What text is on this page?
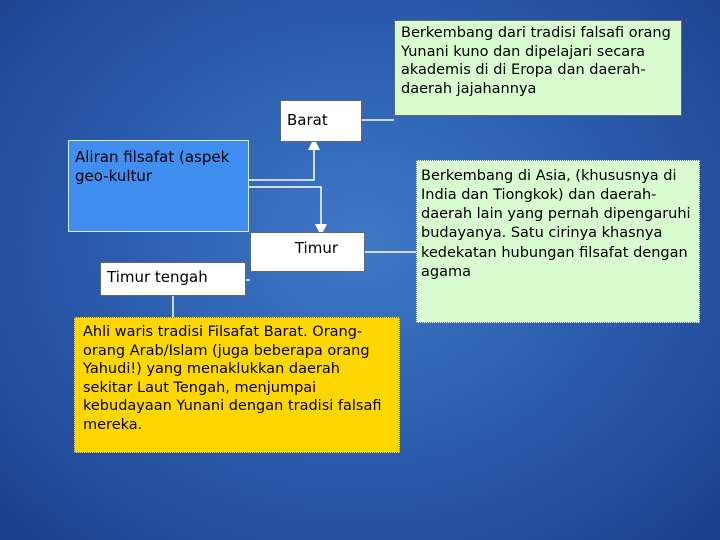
Berkembang dari tradisi falsafi orang Yunani kuno dan dipelajari secara akademis di di Eropa dan daerah-daerah jajahannya
Barat
Aliran filsafat (aspek geo-kultur	Berkembang di Asia, (khususnya di India dan Tiongkok) dan daerah-daerah lain yang pernah dipengaruhi budayanya. Satu cirinya khasnya kedekatan hubungan filsafat dengan agama
Timur
Timur tengah
Ahli waris tradisi Filsafat Barat. Orang-orang Arab/Islam (juga beberapa orang Yahudi!) yang menaklukkan daerah sekitar Laut Tengah, menjumpai kebudayaan Yunani dengan tradisi falsafi mereka.
